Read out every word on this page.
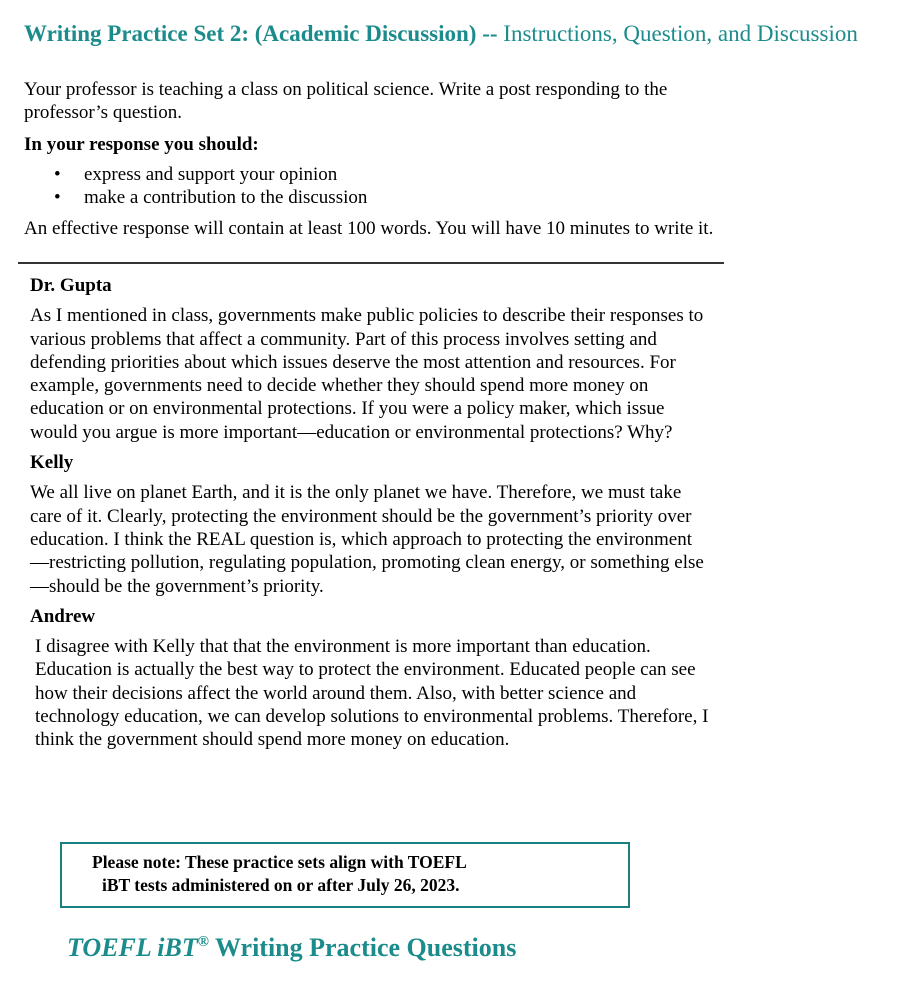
Writing Practice Set 2: (Academic Discussion) -- Instructions, Question, and Discussion

Your professor is teaching a class on political science. Write a post responding to the professor’s question.

In your response you should:

• express and support your opinion
• make a contribution to the discussion

An effective response will contain at least 100 words. You will have 10 minutes to write it.

Dr. Gupta

As I mentioned in class, governments make public policies to describe their responses to various problems that affect a community. Part of this process involves setting and defending priorities about which issues deserve the most attention and resources. For example, governments need to decide whether they should spend more money on education or on environmental protections. If you were a policy maker, which issue would you argue is more important—education or environmental protections? Why?

Kelly

We all live on planet Earth, and it is the only planet we have. Therefore, we must take care of it. Clearly, protecting the environment should be the government’s priority over education. I think the REAL question is, which approach to protecting the environment—restricting pollution, regulating population, promoting clean energy, or something else—should be the government’s priority.

Andrew

I disagree with Kelly that that the environment is more important than education. Education is actually the best way to protect the environment. Educated people can see how their decisions affect the world around them. Also, with better science and technology education, we can develop solutions to environmental problems. Therefore, I think the government should spend more money on education.

Please note: These practice sets align with TOEFL
iBT tests administered on or after July 26, 2023.
TOEFL iBT® Writing Practice Questions
